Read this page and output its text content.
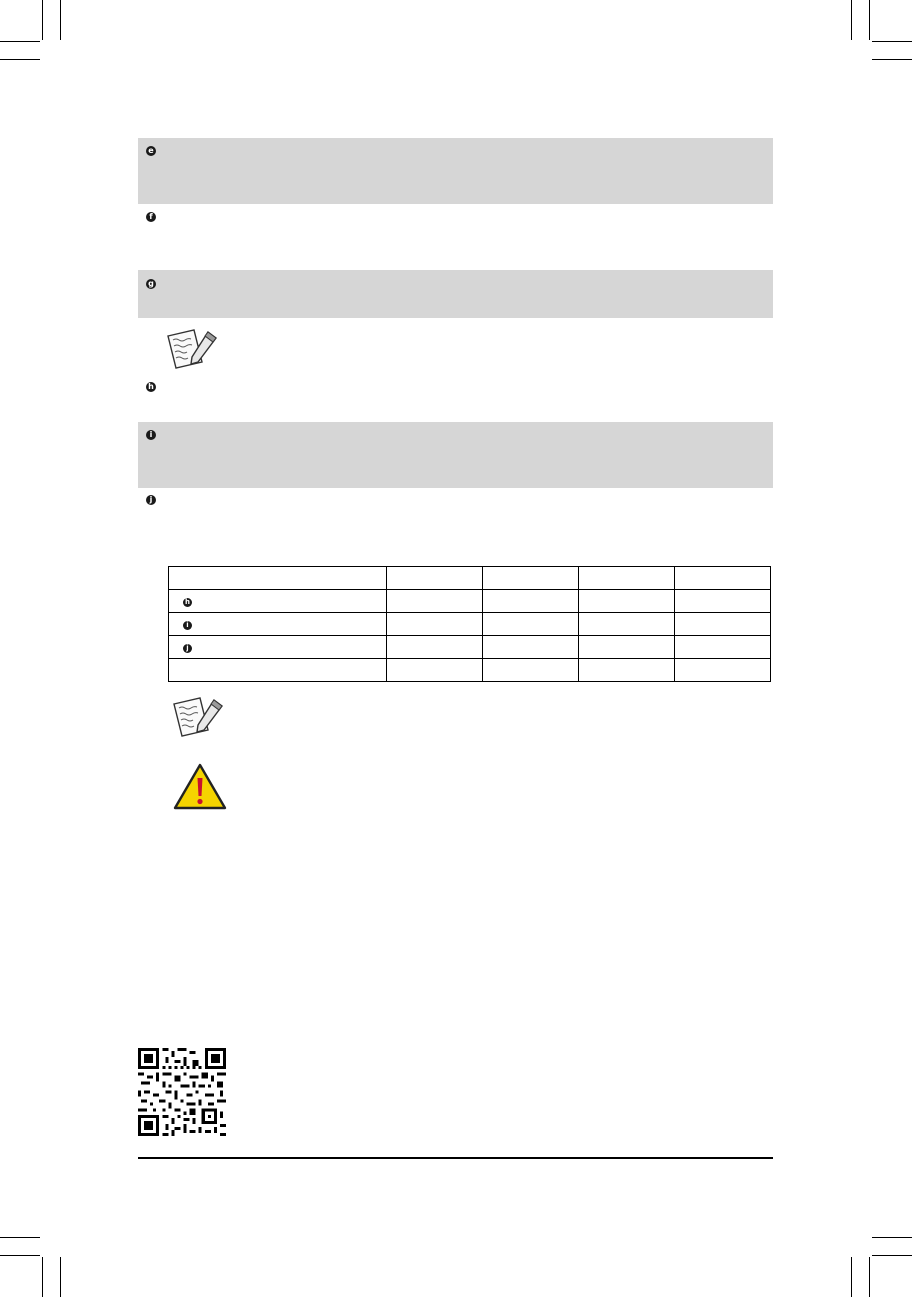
e
f
g
h
i
j

h				
i				
j				
